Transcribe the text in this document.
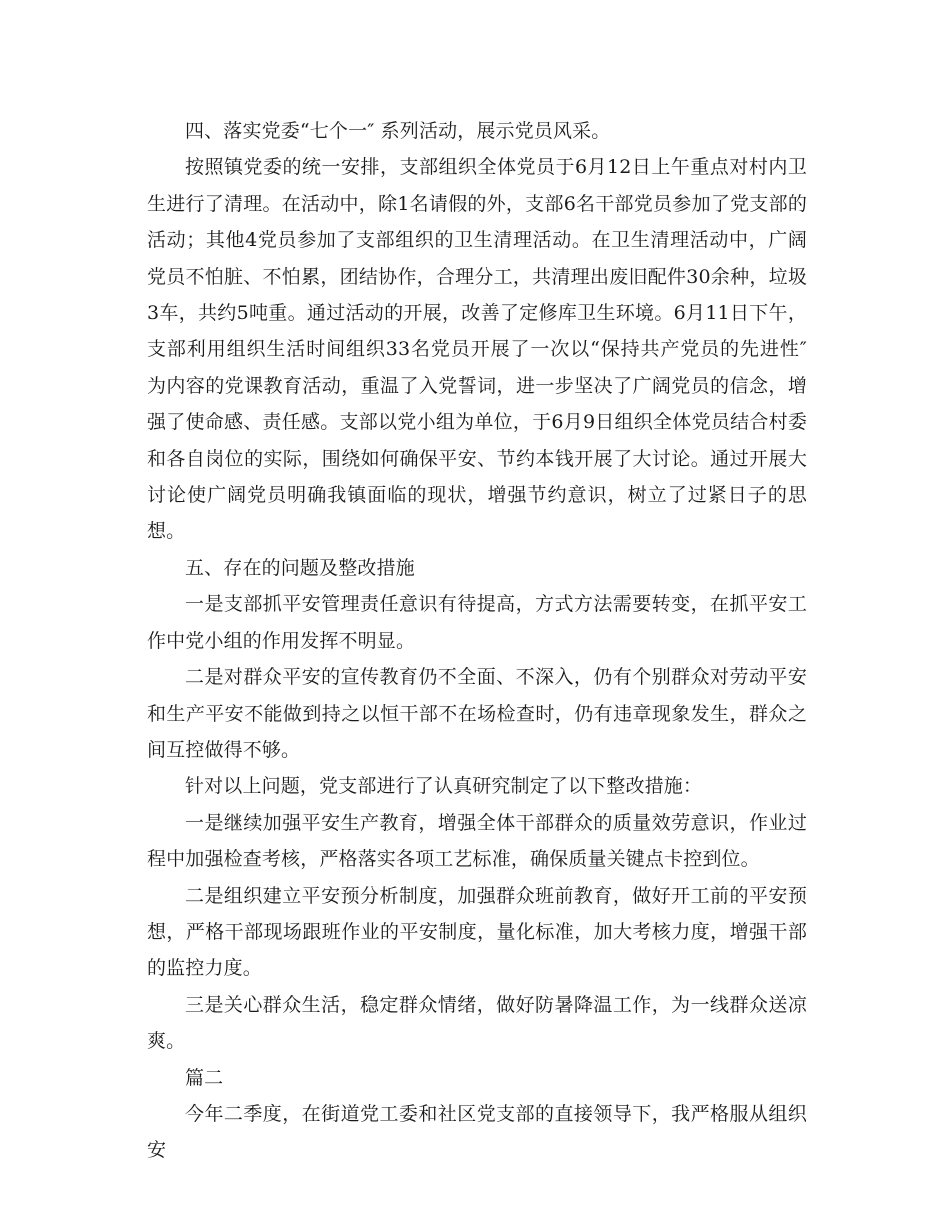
四、落实党委“七个一″ 系列活动，展示党员风采。

按照镇党委的统一安排，支部组织全体党员于6月12日上午重点对村内卫生进行了清理。在活动中，除1名请假的外，支部6名干部党员参加了党支部的活动；其他4党员参加了支部组织的卫生清理活动。在卫生清理活动中，广阔党员不怕脏、不怕累，团结协作，合理分工，共清理出废旧配件30余种，垃圾3车，共约5吨重。通过活动的开展，改善了定修库卫生环境。6月11日下午，支部利用组织生活时间组织33名党员开展了一次以“保持共产党员的先进性″ 为内容的党课教育活动，重温了入党誓词，进一步坚决了广阔党员的信念，增强了使命感、责任感。支部以党小组为单位，于6月9日组织全体党员结合村委和各自岗位的实际，围绕如何确保平安、节约本钱开展了大讨论。通过开展大讨论使广阔党员明确我镇面临的现状，增强节约意识，树立了过紧日子的思想。

五、存在的问题及整改措施

一是支部抓平安管理责任意识有待提高，方式方法需要转变，在抓平安工作中党小组的作用发挥不明显。

二是对群众平安的宣传教育仍不全面、不深入，仍有个别群众对劳动平安和生产平安不能做到持之以恒干部不在场检查时，仍有违章现象发生，群众之间互控做得不够。

针对以上问题，党支部进行了认真研究制定了以下整改措施：

一是继续加强平安生产教育，增强全体干部群众的质量效劳意识，作业过程中加强检查考核，严格落实各项工艺标准，确保质量关键点卡控到位。

二是组织建立平安预分析制度，加强群众班前教育，做好开工前的平安预想，严格干部现场跟班作业的平安制度，量化标准，加大考核力度，增强干部的监控力度。

三是关心群众生活，稳定群众情绪，做好防暑降温工作，为一线群众送凉爽。

篇二

今年二季度，在街道党工委和社区党支部的直接领导下，我严格服从组织安
